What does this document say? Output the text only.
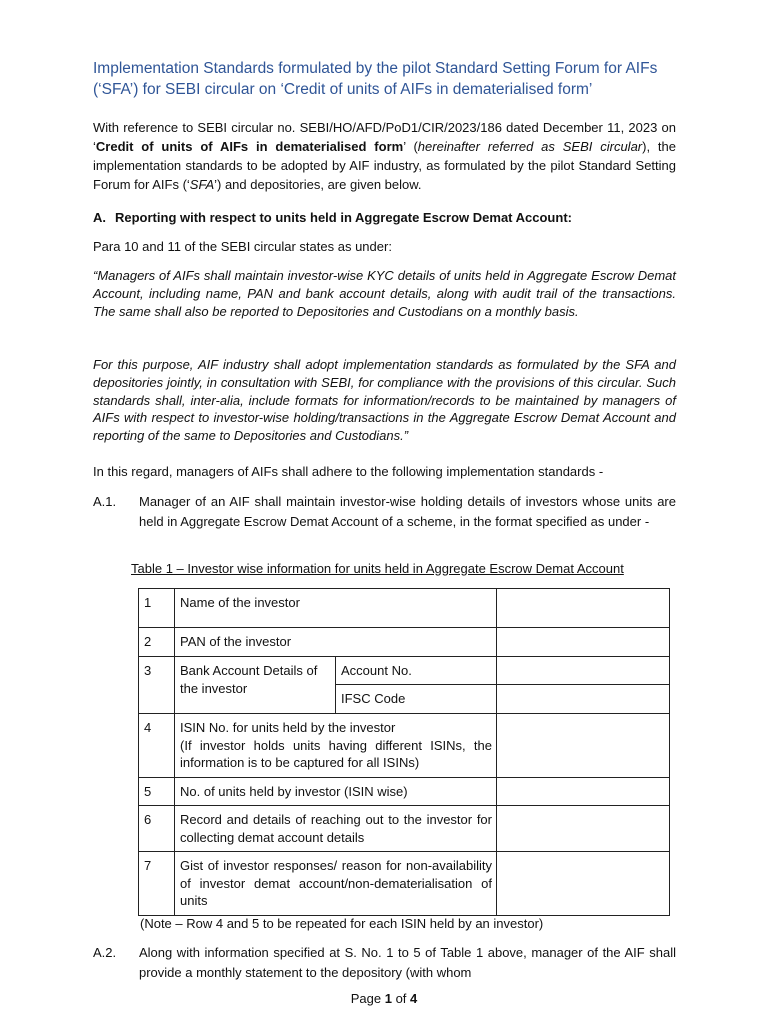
Implementation Standards formulated by the pilot Standard Setting Forum for AIFs (‘SFA’) for SEBI circular on ‘Credit of units of AIFs in dematerialised form’

With reference to SEBI circular no. SEBI/HO/AFD/PoD1/CIR/2023/186 dated December 11, 2023 on ‘Credit of units of AIFs in dematerialised form’ (hereinafter referred as SEBI circular), the implementation standards to be adopted by AIF industry, as formulated by the pilot Standard Setting Forum for AIFs (‘SFA’) and depositories, are given below.

A. Reporting with respect to units held in Aggregate Escrow Demat Account:

Para 10 and 11 of the SEBI circular states as under:

“Managers of AIFs shall maintain investor-wise KYC details of units held in Aggregate Escrow Demat Account, including name, PAN and bank account details, along with audit trail of the transactions. The same shall also be reported to Depositories and Custodians on a monthly basis.

For this purpose, AIF industry shall adopt implementation standards as formulated by the SFA and depositories jointly, in consultation with SEBI, for compliance with the provisions of this circular. Such standards shall, inter-alia, include formats for information/records to be maintained by managers of AIFs with respect to investor-wise holding/transactions in the Aggregate Escrow Demat Account and reporting of the same to Depositories and Custodians.”

In this regard, managers of AIFs shall adhere to the following implementation standards -

A.1. Manager of an AIF shall maintain investor-wise holding details of investors whose units are held in Aggregate Escrow Demat Account of a scheme, in the format specified as under -

Table 1 – Investor wise information for units held in Aggregate Escrow Demat Account
1	Name of the investor		
2	PAN of the investor		
3	Bank Account Details of the investor	Account No.	
		IFSC Code	
4	ISIN No. for units held by the investor
(If investor holds units having different ISINs, the information is to be captured for all ISINs)		

5	No. of units held by investor (ISIN wise)		
6	Record and details of reaching out to the investor for collecting demat account details		

7	Gist of investor responses/ reason for non-availability of investor demat account/non-dematerialisation of units		

(Note – Row 4 and 5 to be repeated for each ISIN held by an investor)
A.2. Along with information specified at S. No. 1 to 5 of Table 1 above, manager of the AIF shall provide a monthly statement to the depository (with whom

Page 1 of 4
